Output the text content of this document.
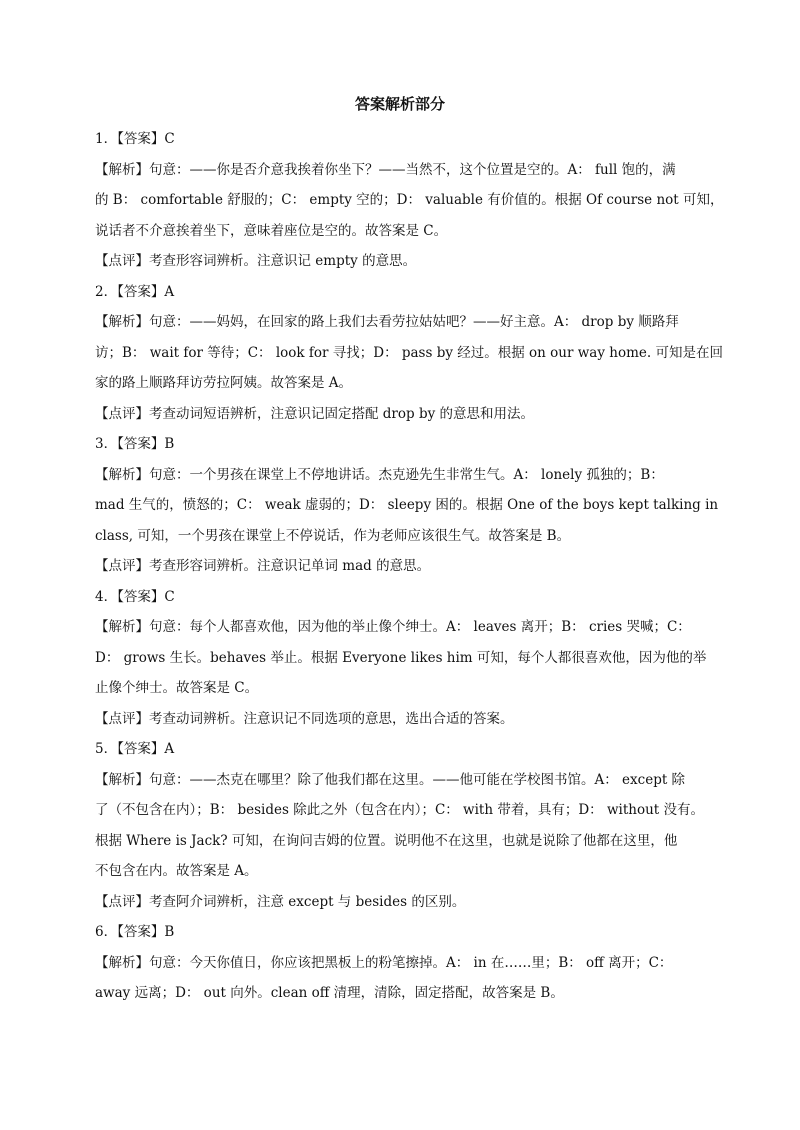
答案解析部分
1．【答案】C
【解析】句意：——你是否介意我挨着你坐下？——当然不，这个位置是空的。A： full 饱的，满
的 B： comfortable 舒服的；C： empty 空的；D： valuable 有价值的。根据 Of course not 可知，
说话者不介意挨着坐下，意味着座位是空的。故答案是 C。
【点评】考查形容词辨析。注意识记 empty 的意思。
2．【答案】A
【解析】句意：——妈妈，在回家的路上我们去看劳拉姑姑吧？——好主意。A： drop by 顺路拜
访；B： wait for 等待；C： look for 寻找；D： pass by 经过。根据 on our way home. 可知是在回
家的路上顺路拜访劳拉阿姨。故答案是 A。
【点评】考查动词短语辨析，注意识记固定搭配 drop by 的意思和用法。
3．【答案】B
【解析】句意：一个男孩在课堂上不停地讲话。杰克逊先生非常生气。A： lonely 孤独的；B：
mad 生气的，愤怒的；C： weak 虚弱的；D： sleepy 困的。根据 One of the boys kept talking in
class, 可知，一个男孩在课堂上不停说话，作为老师应该很生气。故答案是 B。
【点评】考查形容词辨析。注意识记单词 mad 的意思。
4．【答案】C
【解析】句意：每个人都喜欢他，因为他的举止像个绅士。A： leaves 离开；B： cries 哭喊；C：
D： grows 生长。behaves 举止。根据 Everyone likes him 可知，每个人都很喜欢他，因为他的举
止像个绅士。故答案是 C。
【点评】考查动词辨析。注意识记不同选项的意思，选出合适的答案。
5．【答案】A
【解析】句意：——杰克在哪里？除了他我们都在这里。——他可能在学校图书馆。A： except 除
了（不包含在内）；B： besides 除此之外（包含在内）；C： with 带着，具有；D： without 没有。
根据 Where is Jack? 可知，在询问吉姆的位置。说明他不在这里，也就是说除了他都在这里，他
不包含在内。故答案是 A。
【点评】考查阿介词辨析，注意 except 与 besides 的区别。
6．【答案】B
【解析】句意：今天你值日，你应该把黑板上的粉笔擦掉。A： in 在……里；B： off 离开；C：
away 远离；D： out 向外。clean off 清理，清除，固定搭配，故答案是 B。
